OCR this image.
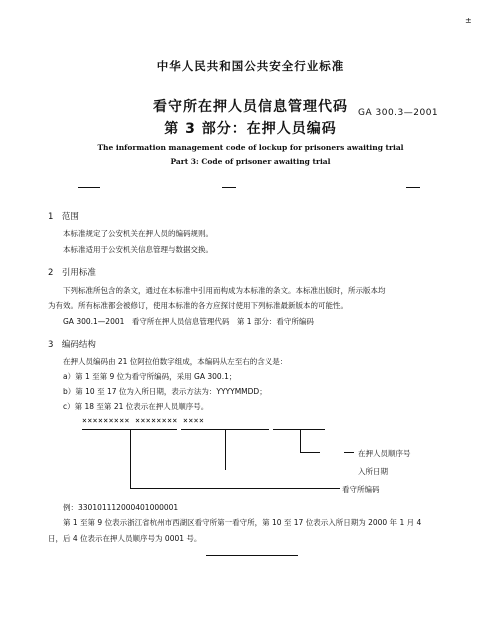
±
中华人民共和国公共安全行业标准
看守所在押人员信息管理代码
第 3 部分：在押人员编码
GA 300.3—2001
The information management code of lockup for prisoners awaiting trial
Part 3: Code of prisoner awaiting trial
1　范围
本标准规定了公安机关在押人员的编码规则。
本标准适用于公安机关信息管理与数据交换。
2　引用标准
下列标准所包含的条文，通过在本标准中引用而构成为本标准的条文。本标准出版时，所示版本均
为有效。所有标准都会被修订，使用本标准的各方应探讨使用下列标准最新版本的可能性。
GA 300.1—2001　看守所在押人员信息管理代码　第 1 部分：看守所编码
3　编码结构
在押人员编码由 21 位阿拉伯数字组成，本编码从左至右的含义是：
a）第 1 至第 9 位为看守所编码，采用 GA 300.1；
b）第 10 至 17 位为入所日期，表示方法为：YYYYMMDD；
c）第 18 至第 21 位表示在押人员顺序号。
××××××××× ×××××××× ××××
在押人员顺序号
入所日期
看守所编码
例：330101112000401000001
第 1 至第 9 位表示浙江省杭州市西湖区看守所第一看守所，第 10 至 17 位表示入所日期为 2000 年 1 月 4
日，后 4 位表示在押人员顺序号为 0001 号。
